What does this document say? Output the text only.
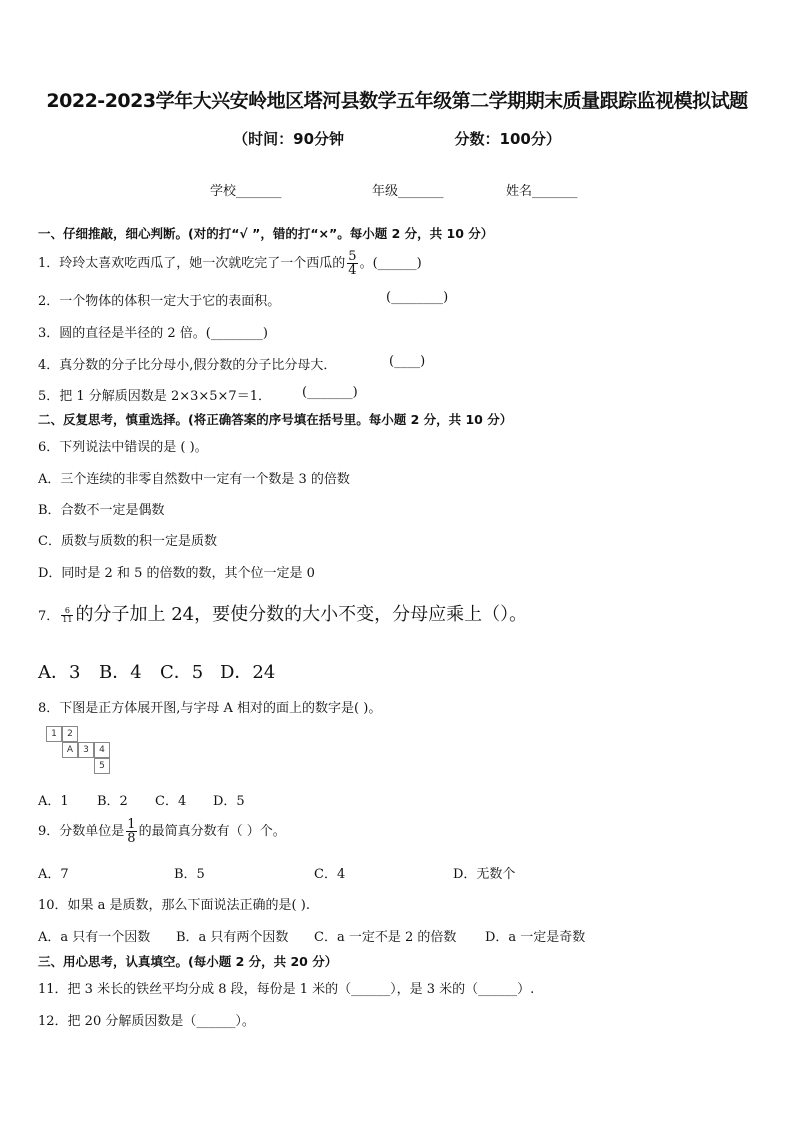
2022-2023学年大兴安岭地区塔河县数学五年级第二学期期末质量跟踪监视模拟试题
（时间：90分钟	分数：100分）
学校_______	年级_______	姓名_______
一、仔细推敲，细心判断。(对的打“√ ”，错的打“×”。每小题 2 分，共 10 分）
1．玲玲太喜欢吃西瓜了，她一次就吃完了一个西瓜的 $\frac{5}{4}$ 。(______)
2．一个物体的体积一定大于它的表面积。	(________)
3．圆的直径是半径的 2 倍。(________)
4．真分数的分子比分母小,假分数的分子比分母大．	(____)
5．把 1 分解质因数是 2×3×5×7＝1． (_______)
二、反复思考，慎重选择。(将正确答案的序号填在括号里。每小题 2 分，共 10 分）
6．下列说法中错误的是 ( )。
A．三个连续的非零自然数中一定有一个数是 3 的倍数
B．合数不一定是偶数
C．质数与质数的积一定是质数
D．同时是 2 和 5 的倍数的数，其个位一定是 0
7． $\frac{6}{11}$ 的分子加上 24，要使分数的大小不变，分母应乘上（）。
A．3 B．4 C．5 D．24
8．下图是正方体展开图,与字母 A 相对的面上的数字是( )。
1	2
A	3	4
5
A．1 B．2 C．4 D．5
9．分数单位是 $\frac{1}{8}$ 的最简真分数有（ ）个。
A．7	B．5	C．4	D．无数个
10．如果 a 是质数，那么下面说法正确的是( ).
A．a 只有一个因数 B．a 只有两个因数 C．a 一定不是 2 的倍数 D．a 一定是奇数
三、用心思考，认真填空。(每小题 2 分，共 20 分）
11．把 3 米长的铁丝平均分成 8 段，每份是 1 米的（______），是 3 米的（______）.
12．把 20 分解质因数是（______）。
